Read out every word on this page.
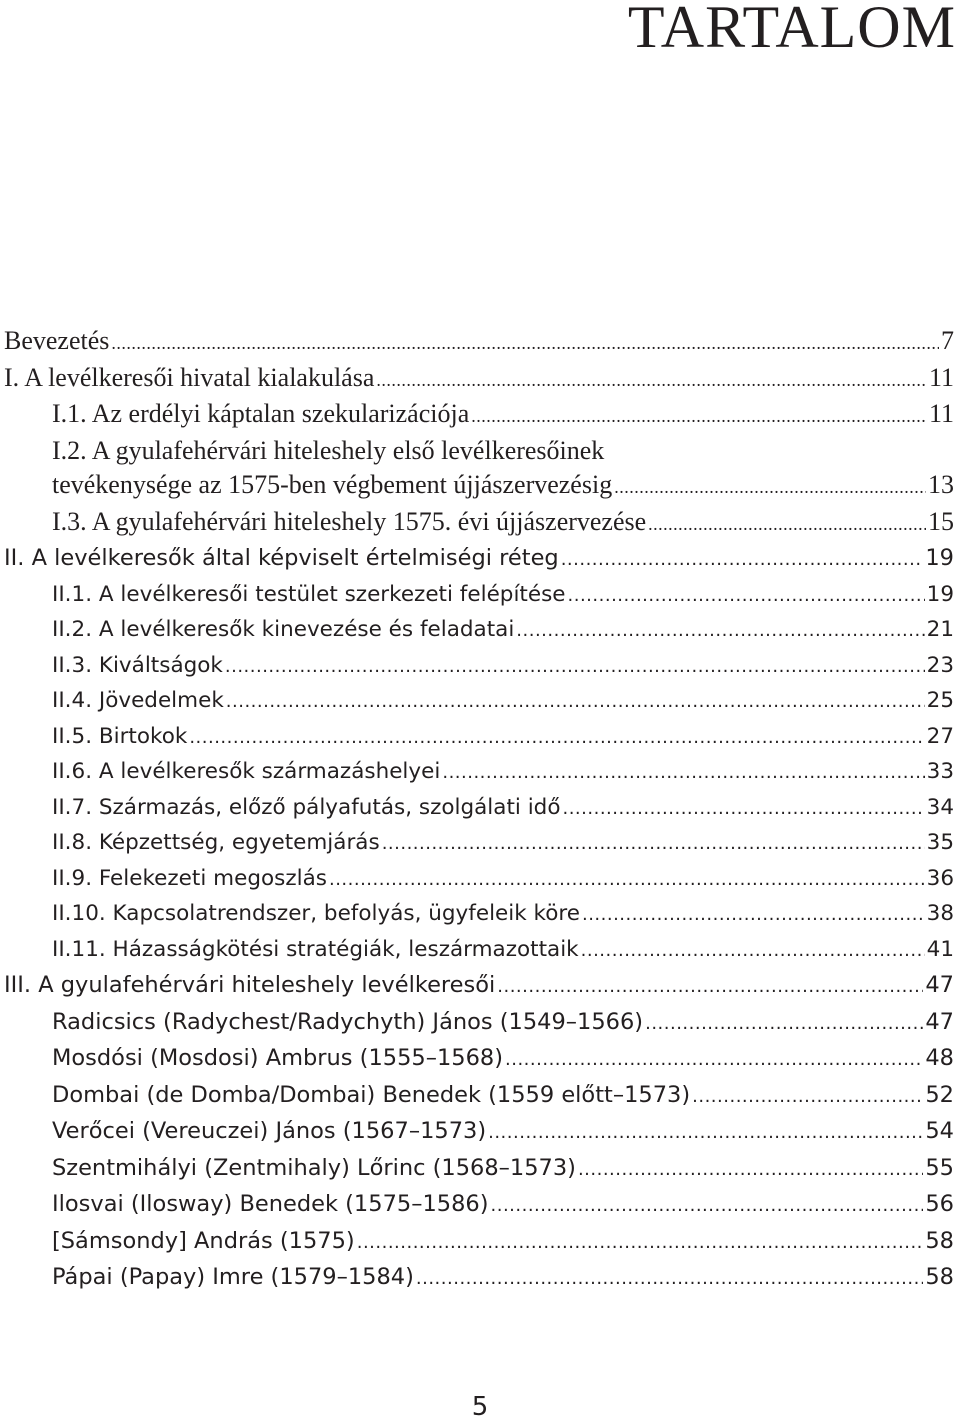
TARTALOM
Bevezetés .....	7
I. A levélkeresői hivatal kialakulása .....	11
I.1. Az erdélyi káptalan szekularizációja .....	11
I.2. A gyulafehérvári hiteleshely első levélkeresőinek
tevékenysége az 1575-ben végbement újjászervezésig .....	13
I.3. A gyulafehérvári hiteleshely 1575. évi újjászervezése .....	15
II. A levélkeresők által képviselt értelmiségi réteg .....	19
II.1. A levélkeresői testület szerkezeti felépítése .....	19
II.2. A levélkeresők kinevezése és feladatai .....	21
II.3. Kiváltságok .....	23
II.4. Jövedelmek .....	25
II.5. Birtokok .....	27
II.6. A levélkeresők származáshelyei .....	33
II.7. Származás, előző pályafutás, szolgálati idő .....	34
II.8. Képzettség, egyetemjárás .....	35
II.9. Felekezeti megoszlás .....	36
II.10. Kapcsolatrendszer, befolyás, ügyfeleik köre .....	38
II.11. Házasságkötési stratégiák, leszármazottaik .....	41
III. A gyulafehérvári hiteleshely levélkeresői .....	47
Radicsics (Radychest/Radychyth) János (1549–1566) .....	47
Mosdósi (Mosdosi) Ambrus (1555–1568) .....	48
Dombai (de Domba/Dombai) Benedek (1559 előtt–1573) .....	52
Verőcei (Vereuczei) János (1567–1573) .....	54
Szentmihályi (Zentmihaly) Lőrinc (1568–1573) .....	55
Ilosvai (Ilosway) Benedek (1575–1586) .....	56
[Sámsondy] András (1575) .....	58
Pápai (Papay) Imre (1579–1584) .....	58
5
